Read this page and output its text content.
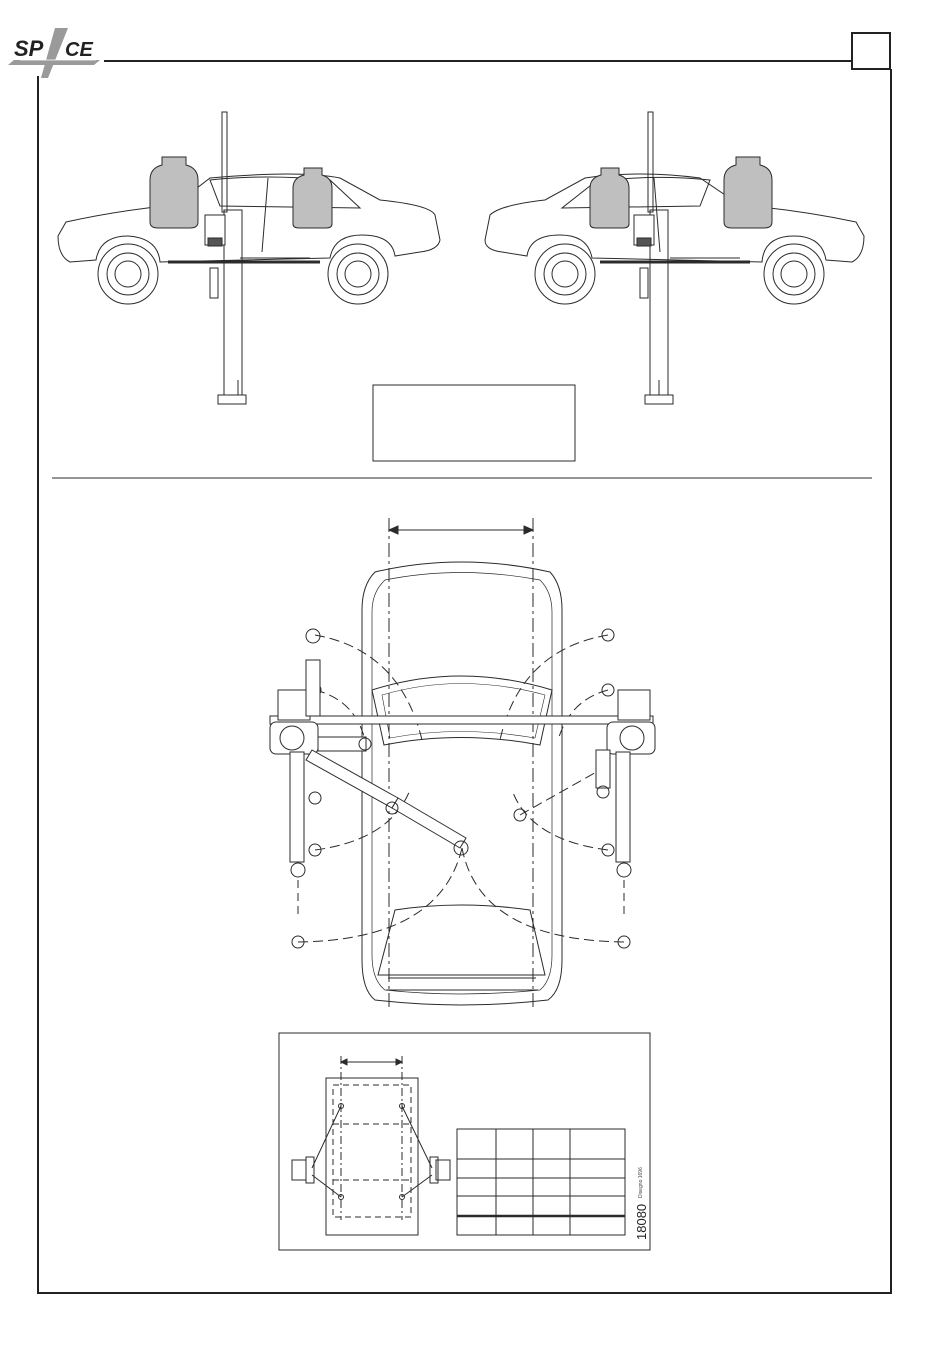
SP CE
18080
Disegno 1696
